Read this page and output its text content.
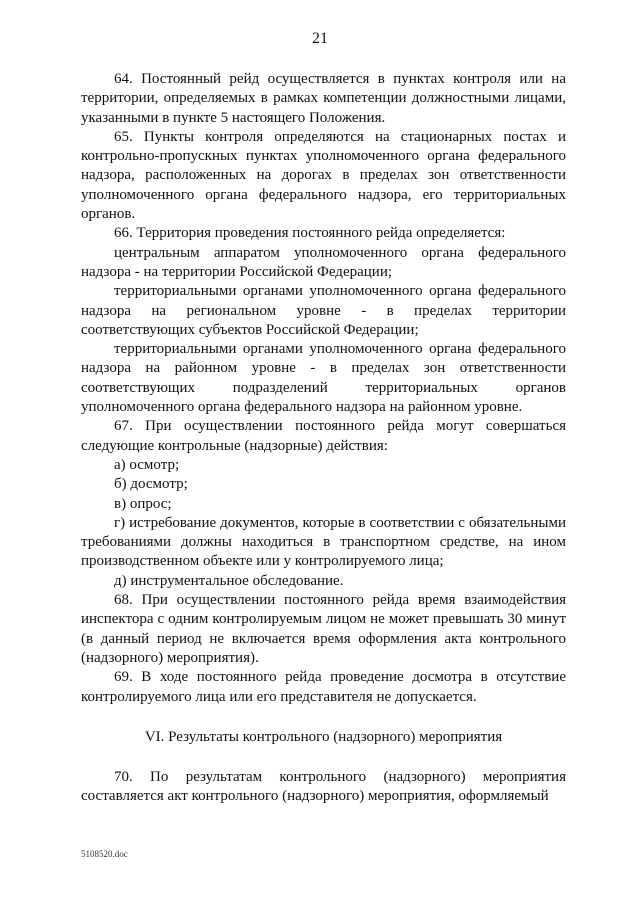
21

64. Постоянный рейд осуществляется в пунктах контроля или на территории, определяемых в рамках компетенции должностными лицами, указанными в пункте 5 настоящего Положения.

65. Пункты контроля определяются на стационарных постах и контрольно-пропускных пунктах уполномоченного органа федерального надзора, расположенных на дорогах в пределах зон ответственности уполномоченного органа федерального надзора, его территориальных органов.

66. Территория проведения постоянного рейда определяется:

центральным аппаратом уполномоченного органа федерального надзора - на территории Российской Федерации;

территориальными органами уполномоченного органа федерального надзора на региональном уровне - в пределах территории соответствующих субъектов Российской Федерации;

территориальными органами уполномоченного органа федерального надзора на районном уровне - в пределах зон ответственности соответствующих подразделений территориальных органов уполномоченного органа федерального надзора на районном уровне.

67. При осуществлении постоянного рейда могут совершаться следующие контрольные (надзорные) действия:

а) осмотр;

б) досмотр;

в) опрос;

г) истребование документов, которые в соответствии с обязательными требованиями должны находиться в транспортном средстве, на ином производственном объекте или у контролируемого лица;

д) инструментальное обследование.

68. При осуществлении постоянного рейда время взаимодействия инспектора с одним контролируемым лицом не может превышать 30 минут (в данный период не включается время оформления акта контрольного (надзорного) мероприятия).

69. В ходе постоянного рейда проведение досмотра в отсутствие контролируемого лица или его представителя не допускается.

VI. Результаты контрольного (надзорного) мероприятия

70. По результатам контрольного (надзорного) мероприятия составляется акт контрольного (надзорного) мероприятия, оформляемый

5108520.doc
